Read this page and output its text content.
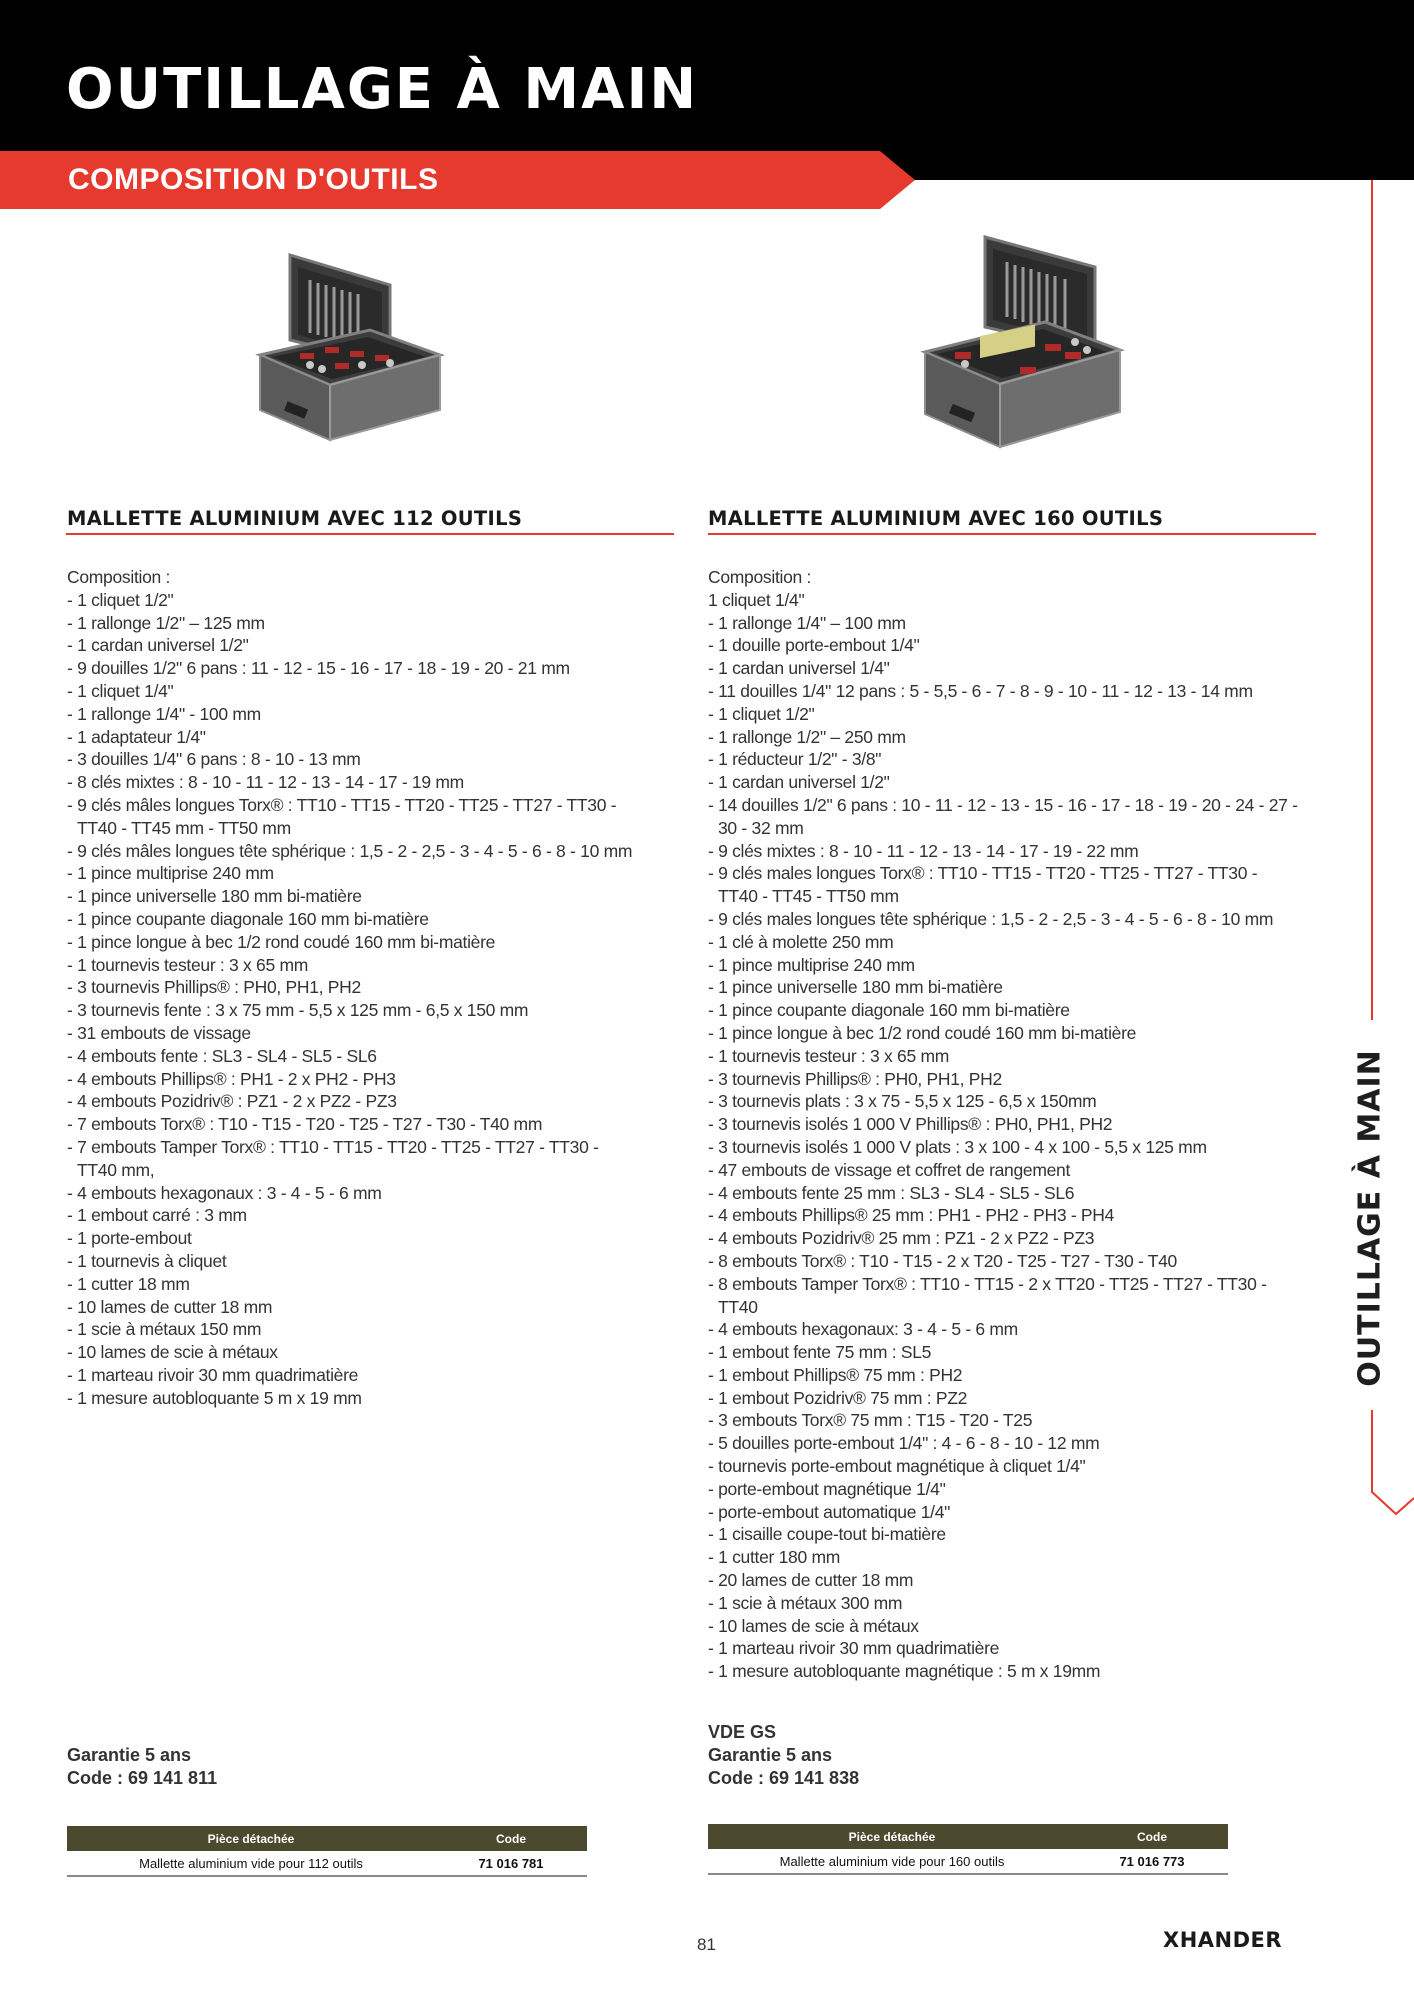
OUTILLAGE À MAIN
COMPOSITION D'OUTILS
OUTILLAGE À MAIN
MALLETTE ALUMINIUM AVEC 112 OUTILS
Composition :
- 1 cliquet 1/2"
- 1 rallonge 1/2" – 125 mm
- 1 cardan universel 1/2"
- 9 douilles 1/2" 6 pans : 11 - 12 - 15 - 16 - 17 - 18 - 19 - 20 - 21 mm
- 1 cliquet 1/4"
- 1 rallonge 1/4" - 100 mm
- 1 adaptateur 1/4"
- 3 douilles 1/4" 6 pans : 8 - 10 - 13 mm
- 8 clés mixtes : 8 - 10 - 11 - 12 - 13 - 14 - 17 - 19 mm
- 9 clés mâles longues Torx® : TT10 - TT15 - TT20 - TT25 - TT27 - TT30 -
TT40 - TT45 mm - TT50 mm
- 9 clés mâles longues tête sphérique : 1,5 - 2 - 2,5 - 3 - 4 - 5 - 6 - 8 - 10 mm
- 1 pince multiprise 240 mm
- 1 pince universelle 180 mm bi-matière
- 1 pince coupante diagonale 160 mm bi-matière
- 1 pince longue à bec 1/2 rond coudé 160 mm bi-matière
- 1 tournevis testeur : 3 x 65 mm
- 3 tournevis Phillips® : PH0, PH1, PH2
- 3 tournevis fente : 3 x 75 mm - 5,5 x 125 mm - 6,5 x 150 mm
- 31 embouts de vissage
- 4 embouts fente : SL3 - SL4 - SL5 - SL6
- 4 embouts Phillips® : PH1 - 2 x PH2 - PH3
- 4 embouts Pozidriv® : PZ1 - 2 x PZ2 - PZ3
- 7 embouts Torx® : T10 - T15 - T20 - T25 - T27 - T30 - T40 mm
- 7 embouts Tamper Torx® : TT10 - TT15 - TT20 - TT25 - TT27 - TT30 -
TT40 mm,
- 4 embouts hexagonaux : 3 - 4 - 5 - 6 mm
- 1 embout carré : 3 mm
- 1 porte-embout
- 1 tournevis à cliquet
- 1 cutter 18 mm
- 10 lames de cutter 18 mm
- 1 scie à métaux 150 mm
- 10 lames de scie à métaux
- 1 marteau rivoir 30 mm quadrimatière
- 1 mesure autobloquante 5 m x 19 mm
Garantie 5 ans
Code : 69 141 811
Pièce détachée	Code
Mallette aluminium vide pour 112 outils	71 016 781
MALLETTE ALUMINIUM AVEC 160 OUTILS
Composition :
1 cliquet 1/4"
- 1 rallonge 1/4" – 100 mm
- 1 douille porte-embout 1/4"
- 1 cardan universel 1/4"
- 11 douilles 1/4" 12 pans : 5 - 5,5 - 6 - 7 - 8 - 9 - 10 - 11 - 12 - 13 - 14 mm
- 1 cliquet 1/2"
- 1 rallonge 1/2" – 250 mm
- 1 réducteur 1/2" - 3/8"
- 1 cardan universel 1/2"
- 14 douilles 1/2" 6 pans : 10 - 11 - 12 - 13 - 15 - 16 - 17 - 18 - 19 - 20 - 24 - 27 -
30 - 32 mm
- 9 clés mixtes : 8 - 10 - 11 - 12 - 13 - 14 - 17 - 19 - 22 mm
- 9 clés males longues Torx® : TT10 - TT15 - TT20 - TT25 - TT27 - TT30 -
TT40 - TT45 - TT50 mm
- 9 clés males longues tête sphérique : 1,5 - 2 - 2,5 - 3 - 4 - 5 - 6 - 8 - 10 mm
- 1 clé à molette 250 mm
- 1 pince multiprise 240 mm
- 1 pince universelle 180 mm bi-matière
- 1 pince coupante diagonale 160 mm bi-matière
- 1 pince longue à bec 1/2 rond coudé 160 mm bi-matière
- 1 tournevis testeur : 3 x 65 mm
- 3 tournevis Phillips® : PH0, PH1, PH2
- 3 tournevis plats : 3 x 75 - 5,5 x 125 - 6,5 x 150mm
- 3 tournevis isolés 1 000 V Phillips® : PH0, PH1, PH2
- 3 tournevis isolés 1 000 V plats : 3 x 100 - 4 x 100 - 5,5 x 125 mm
- 47 embouts de vissage et coffret de rangement
- 4 embouts fente 25 mm : SL3 - SL4 - SL5 - SL6
- 4 embouts Phillips® 25 mm : PH1 - PH2 - PH3 - PH4
- 4 embouts Pozidriv® 25 mm : PZ1 - 2 x PZ2 - PZ3
- 8 embouts Torx® : T10 - T15 - 2 x T20 - T25 - T27 - T30 - T40
- 8 embouts Tamper Torx® : TT10 - TT15 - 2 x TT20 - TT25 - TT27 - TT30 -
TT40
- 4 embouts hexagonaux: 3 - 4 - 5 - 6 mm
- 1 embout fente 75 mm : SL5
- 1 embout Phillips® 75 mm : PH2
- 1 embout Pozidriv® 75 mm : PZ2
- 3 embouts Torx® 75 mm : T15 - T20 - T25
- 5 douilles porte-embout 1/4" : 4 - 6 - 8 - 10 - 12 mm
- tournevis porte-embout magnétique à cliquet 1/4"
- porte-embout magnétique 1/4"
- porte-embout automatique 1/4"
- 1 cisaille coupe-tout bi-matière
- 1 cutter 180 mm
- 20 lames de cutter 18 mm
- 1 scie à métaux 300 mm
- 10 lames de scie à métaux
- 1 marteau rivoir 30 mm quadrimatière
- 1 mesure autobloquante magnétique : 5 m x 19mm
VDE GS
Garantie 5 ans
Code : 69 141 838
Pièce détachée	Code
Mallette aluminium vide pour 160 outils	71 016 773
81	XHANDER
